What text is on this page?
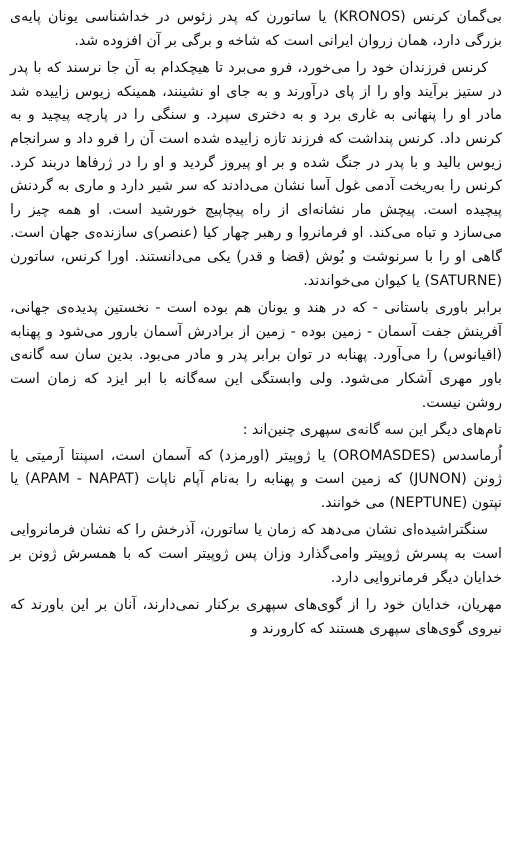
بی‌گمان کرنس (KRONOS) یا ساتورن که پدر زئوس در خداشناسی یونان پایه‌ی بزرگی دارد، همان زروان ایرانی است که شاخه و برگی بر آن افزوده شد.

کرنس فرزندان خود را می‌خورد، فرو می‌برد تا هیچکدام به آن جا نرسند که با پدر در ستیز برآیند واو را از پای درآورند و به جای او نشینند، همینکه زیوس زاییده شد مادر او را پنهانی به غاری برد و به دختری سپرد. و سنگی را در پارچه پیچید و به کرنس داد. کرنس پنداشت که فرزند تازه زاییده شده است آن را فرو داد و سرانجام زیوس بالید و با پدر در جنگ شده و بر او پیروز گردید و او را در ژرفاها دربند کرد. کرنس را به‌ریخت آدمی غول آسا نشان می‌دادند که سر شیر دارد و ماری به گردنش پیچیده است. پیچش مار نشانه‌ای از راه پیچاپیچ خورشید است. او همه چیز را می‌سازد و تباه می‌کند. او فرمانروا و رهبر چهار کیا (عنصر)ی سازنده‌ی جهان است. گاهی او را با سرنوشت و بُوش (قضا و قدر) یکی می‌دانستند. اورا کرنس، ساتورن (SATURNE) یا کیوان می‌خواندند.

برابر باوری باستانی - که در هند و یونان هم بوده است - نخستین پدیده‌ی جهانی، آفرینش جفت آسمان - زمین بوده - زمین از برادرش آسمان بارور می‌شود و پهنابه (اقیانوس) را می‌آورد. پهنابه در توان برابر پدر و مادر می‌بود. بدین سان سه گانه‌ی باور مهری آشکار می‌شود. ولی وابستگی این سه‌گانه با ابر ایزد که زمان است روشن نیست.

نام‌های دیگر این سه گانه‌ی سپهری چنین‌اند :

اُرماسدس (OROMASDES) یا ژوپیتر (اورمزد) که آسمان است، اسپنتا آرمیتی یا ژونن (JUNON) که زمین است و پهنابه را به‌نام آپام ناپات (APAM - NAPAT) یا نپتون (NEPTUNE) می خوانند.

سنگتراشیده‌ای نشان می‌دهد که زمان یا ساتورن، آذرخش را که نشان فرمانروایی است به پسرش ژوپیتر وامی‌گذارد وزان پس ژوپیتر است که با همسرش ژونن بر خدایان دیگر فرمانروایی دارد.

مهریان، خدایان خود را از گوی‌های سپهری برکنار نمی‌دارند، آنان بر این باورند که نیروی گوی‌های سپهری هستند که کارورند و
